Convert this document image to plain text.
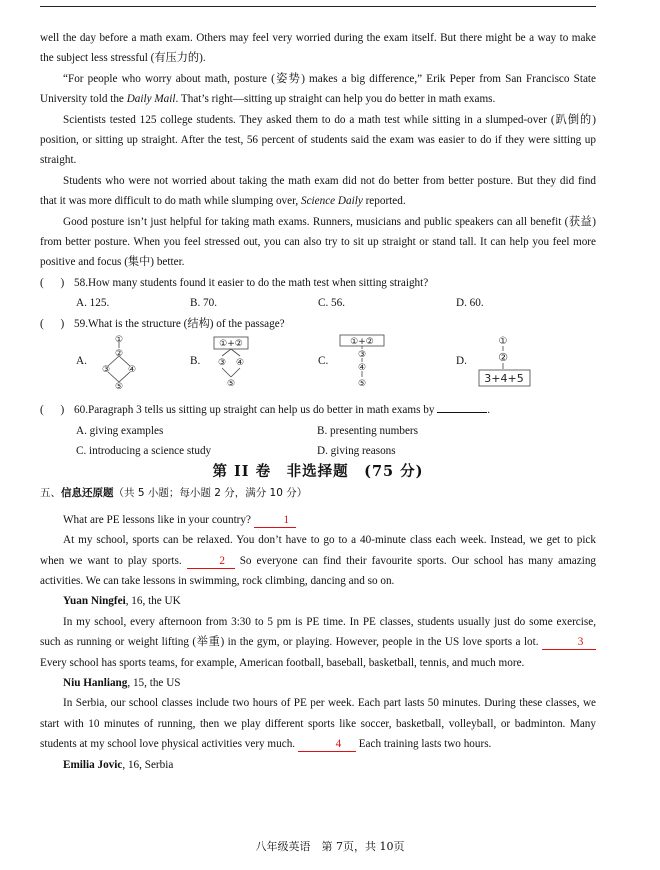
well the day before a math exam. Others may feel very worried during the exam itself. But there might be a way to make the subject less stressful (有压力的).

“For people who worry about math, posture (姿势) makes a big difference,” Erik Peper from San Francisco State University told the Daily Mail. That’s right—sitting up straight can help you do better in math exams.

Scientists tested 125 college students. They asked them to do a math test while sitting in a slumped-over (趴倒的) position, or sitting up straight. After the test, 56 percent of students said the exam was easier to do if they were sitting up straight.

Students who were not worried about taking the math exam did not do better from better posture. But they did find that it was more difficult to do math while slumping over, Science Daily reported.

Good posture isn’t just helpful for taking math exams. Runners, musicians and public speakers can all benefit (获益) from better posture. When you feel stressed out, you can also try to sit up straight or stand tall. It can help you feel more positive and focus (集中) better.

(      ) 58.How many students found it easier to do the math test when sitting straight?
A. 125.	B. 70.	C. 56.	D. 60.
(      ) 59.What is the structure (结构) of the passage?
A.
①
②
③ ④
⑤
B.
①+②
③ ④
⑤
C.
①+②
③
④
⑤
D.
①
②
3+4+5
(      ) 60.Paragraph 3 tells us sitting up straight can help us do better in math exams by	.
A. giving examples	B. presenting numbers
C. introducing a science study	D. giving reasons
第 II 卷　非选择题　(75 分)
五、信息还原题（共 5 小题；每小题 2 分，满分 10 分）

What are PE lessons like in your country?	1

At my school, sports can be relaxed. You don’t have to go to a 40-minute class each week. Instead, we get to pick when we want to play sports.	2 So everyone can find their favourite sports. Our school has many amazing activities. We can take lessons in swimming, rock climbing, dancing and so on.

Yuan Ningfei, 16, the UK

In my school, every afternoon from 3:30 to 5 pm is PE time. In PE classes, students usually just do some exercise, such as running or weight lifting (举重) in the gym, or playing. However, people in the US love sports a lot.	3 Every school has sports teams, for example, American football, baseball, basketball, tennis, and much more.

Niu Hanliang, 15, the US

In Serbia, our school classes include two hours of PE per week. Each part lasts 50 minutes. During these classes, we start with 10 minutes of running, then we play different sports like soccer, basketball, volleyball, or badminton. Many students at my school love physical activities very much.	4 Each training lasts two hours.

Emilia Jovic, 16, Serbia

八年级英语　第 7页，共 10页
